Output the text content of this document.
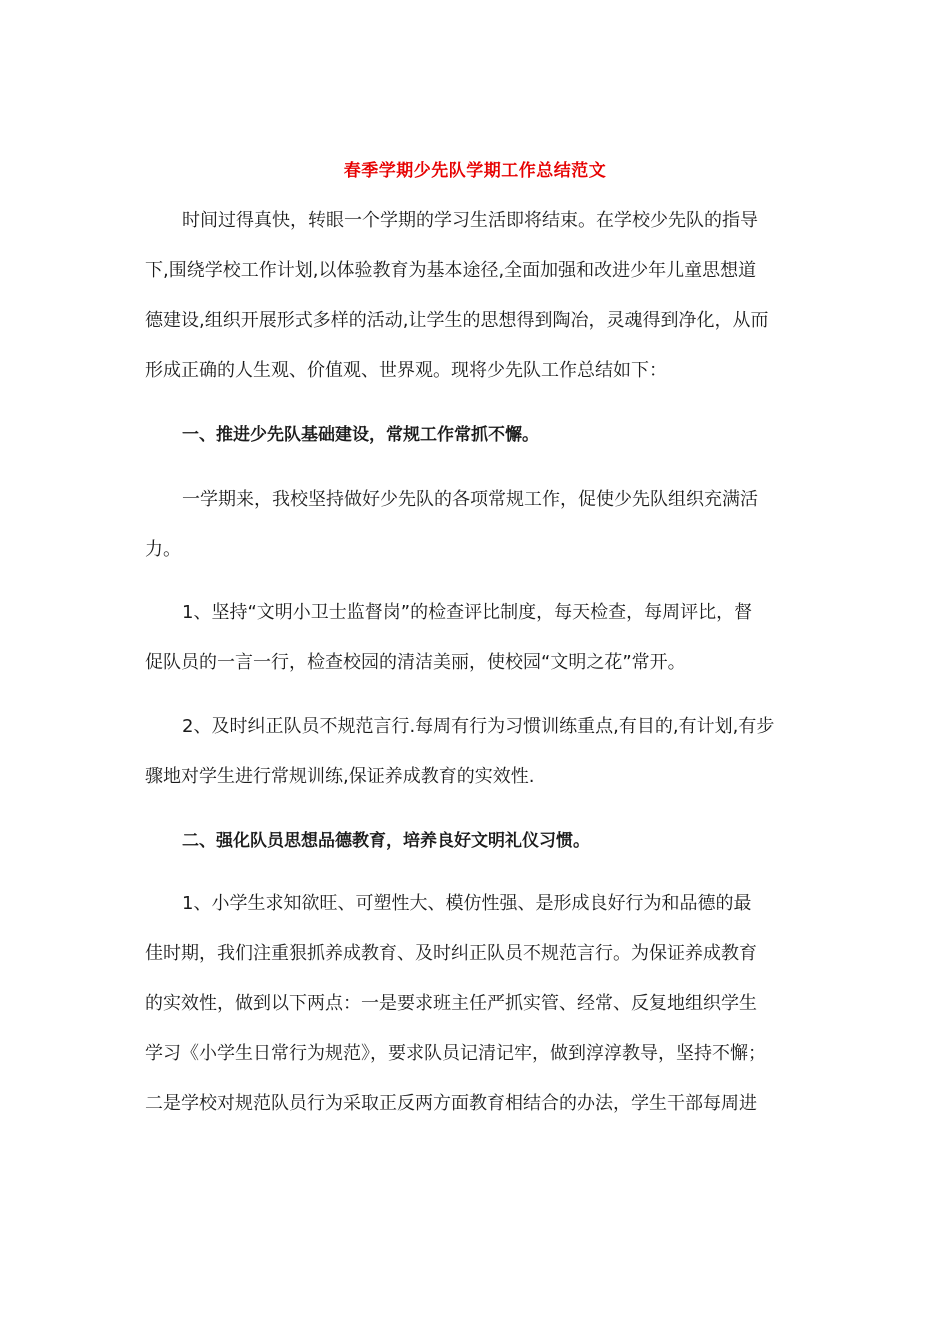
春季学期少先队学期工作总结范文
时间过得真快，转眼一个学期的学习生活即将结束。在学校少先队的指导
下,围绕学校工作计划,以体验教育为基本途径,全面加强和改进少年儿童思想道
德建设,组织开展形式多样的活动,让学生的思想得到陶冶，灵魂得到净化，从而
形成正确的人生观、价值观、世界观。现将少先队工作总结如下：
一、推进少先队基础建设，常规工作常抓不懈。
一学期来，我校坚持做好少先队的各项常规工作，促使少先队组织充满活
力。
1、坚持“文明小卫士监督岗”的检查评比制度，每天检查，每周评比，督
促队员的一言一行，检查校园的清洁美丽，使校园“文明之花”常开。
2、及时纠正队员不规范言行.每周有行为习惯训练重点,有目的,有计划,有步
骤地对学生进行常规训练,保证养成教育的实效性.
二、强化队员思想品德教育，培养良好文明礼仪习惯。
1、小学生求知欲旺、可塑性大、模仿性强、是形成良好行为和品德的最
佳时期，我们注重狠抓养成教育、及时纠正队员不规范言行。为保证养成教育
的实效性，做到以下两点：一是要求班主任严抓实管、经常、反复地组织学生
学习《小学生日常行为规范》，要求队员记清记牢，做到淳淳教导，坚持不懈；
二是学校对规范队员行为采取正反两方面教育相结合的办法，学生干部每周进
